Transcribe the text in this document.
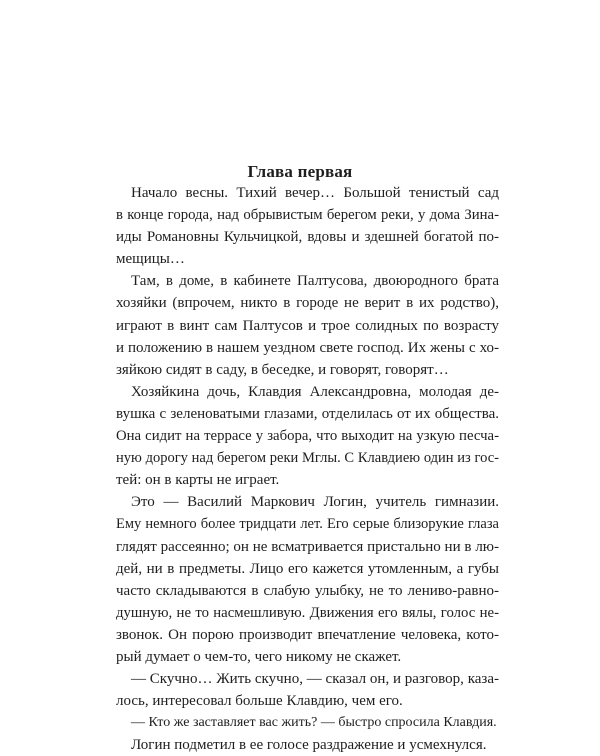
Глава первая
Начало весны. Тихий вечер… Большой тенистый сад
в конце города, над обрывистым берегом реки, у дома Зина-
иды Романовны Кульчицкой, вдовы и здешней богатой по-
мещицы…
Там, в доме, в кабинете Палтусова, двоюродного брата
хозяйки (впрочем, никто в городе не верит в их родство),
играют в винт сам Палтусов и трое солидных по возрасту
и положению в нашем уездном свете господ. Их жены с хо-
зяйкою сидят в саду, в беседке, и говорят, говорят…
Хозяйкина дочь, Клавдия Александровна, молодая де-
вушка с зеленоватыми глазами, отделилась от их общества.
Она сидит на террасе у забора, что выходит на узкую песча-
ную дорогу над берегом реки Мглы. С Клавдиею один из гос-
тей: он в карты не играет.
Это — Василий Маркович Логин, учитель гимназии.
Ему немного более тридцати лет. Его серые близорукие глаза
глядят рассеянно; он не всматривается пристально ни в лю-
дей, ни в предметы. Лицо его кажется утомленным, а губы
часто складываются в слабую улыбку, не то лениво-равно-
душную, не то насмешливую. Движения его вялы, голос не-
звонок. Он порою производит впечатление человека, кото-
рый думает о чем-то, чего никому не скажет.
— Скучно… Жить скучно, — сказал он, и разговор, каза-
лось, интересовал больше Клавдию, чем его.
— Кто же заставляет вас жить? — быстро спросила Клавдия.
Логин подметил в ее голосе раздражение и усмехнулся.
